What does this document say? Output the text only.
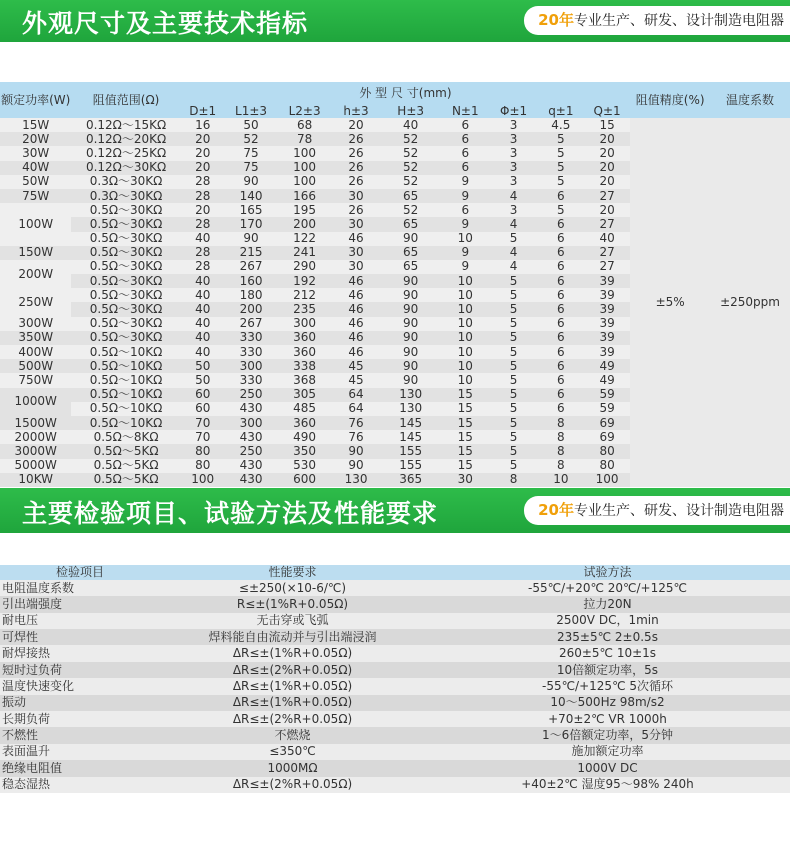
外观尺寸及主要技术指标	20年专业生产、研发、设计制造电阻器
额定功率(W)	阻值范围(Ω)	外 型 尺 寸(mm)									阻值精度(%)	温度系数
		D±1	L1±3	L2±3	h±3	H±3	N±1	Φ±1	q±1	Q±1		
15W	0.12Ω～15KΩ	16	50	68	20	40	6	3	4.5	15	±5%	±250ppm
20W	0.12Ω～20KΩ	20	52	78	26	52	6	3	5	20		
30W	0.12Ω～25KΩ	20	75	100	26	52	6	3	5	20		
40W	0.12Ω～30KΩ	20	75	100	26	52	6	3	5	20		
50W	0.3Ω～30KΩ	28	90	100	26	52	9	3	5	20		
75W	0.3Ω～30KΩ	28	140	166	30	65	9	4	6	27		
100W	0.5Ω～30KΩ	20	165	195	26	52	6	3	5	20		
	0.5Ω～30KΩ	28	170	200	30	65	9	4	6	27		
	0.5Ω～30KΩ	40	90	122	46	90	10	5	6	40		
150W	0.5Ω～30KΩ	28	215	241	30	65	9	4	6	27		
200W	0.5Ω～30KΩ	28	267	290	30	65	9	4	6	27		
	0.5Ω～30KΩ	40	160	192	46	90	10	5	6	39		
250W	0.5Ω～30KΩ	40	180	212	46	90	10	5	6	39		
	0.5Ω～30KΩ	40	200	235	46	90	10	5	6	39		
300W	0.5Ω～30KΩ	40	267	300	46	90	10	5	6	39		
350W	0.5Ω～30KΩ	40	330	360	46	90	10	5	6	39		
400W	0.5Ω～10KΩ	40	330	360	46	90	10	5	6	39		
500W	0.5Ω～10KΩ	50	300	338	45	90	10	5	6	49		
750W	0.5Ω～10KΩ	50	330	368	45	90	10	5	6	49		
1000W	0.5Ω～10KΩ	60	250	305	64	130	15	5	6	59		
	0.5Ω～10KΩ	60	430	485	64	130	15	5	6	59		
1500W	0.5Ω～10KΩ	70	300	360	76	145	15	5	8	69		
2000W	0.5Ω～8KΩ	70	430	490	76	145	15	5	8	69		
3000W	0.5Ω～5KΩ	80	250	350	90	155	15	5	8	80		
5000W	0.5Ω～5KΩ	80	430	530	90	155	15	5	8	80		
10KW	0.5Ω～5KΩ	100	430	600	130	365	30	8	10	100		
主要检验项目、试验方法及性能要求	20年专业生产、研发、设计制造电阻器
检验项目	性能要求	试验方法
电阻温度系数	≤±250(×10-6/℃)	-55℃/+20℃ 20℃/+125℃
引出端强度	R≤±(1%R+0.05Ω)	拉力20N
耐电压	无击穿或飞弧	2500V DC，1min
可焊性	焊料能自由流动并与引出端浸润	235±5℃ 2±0.5s
耐焊接热	ΔR≤±(1%R+0.05Ω)	260±5℃ 10±1s
短时过负荷	ΔR≤±(2%R+0.05Ω)	10倍额定功率，5s
温度快速变化	ΔR≤±(1%R+0.05Ω)	-55℃/+125℃ 5次循环
振动	ΔR≤±(1%R+0.05Ω)	10～500Hz 98m/s2
长期负荷	ΔR≤±(2%R+0.05Ω)	+70±2℃ VR 1000h
不燃性	不燃烧	1～6倍额定功率，5分钟
表面温升	≤350℃	施加额定功率
绝缘电阻值	1000MΩ	1000V DC
稳态湿热	ΔR≤±(2%R+0.05Ω)	+40±2℃ 湿度95～98% 240h
